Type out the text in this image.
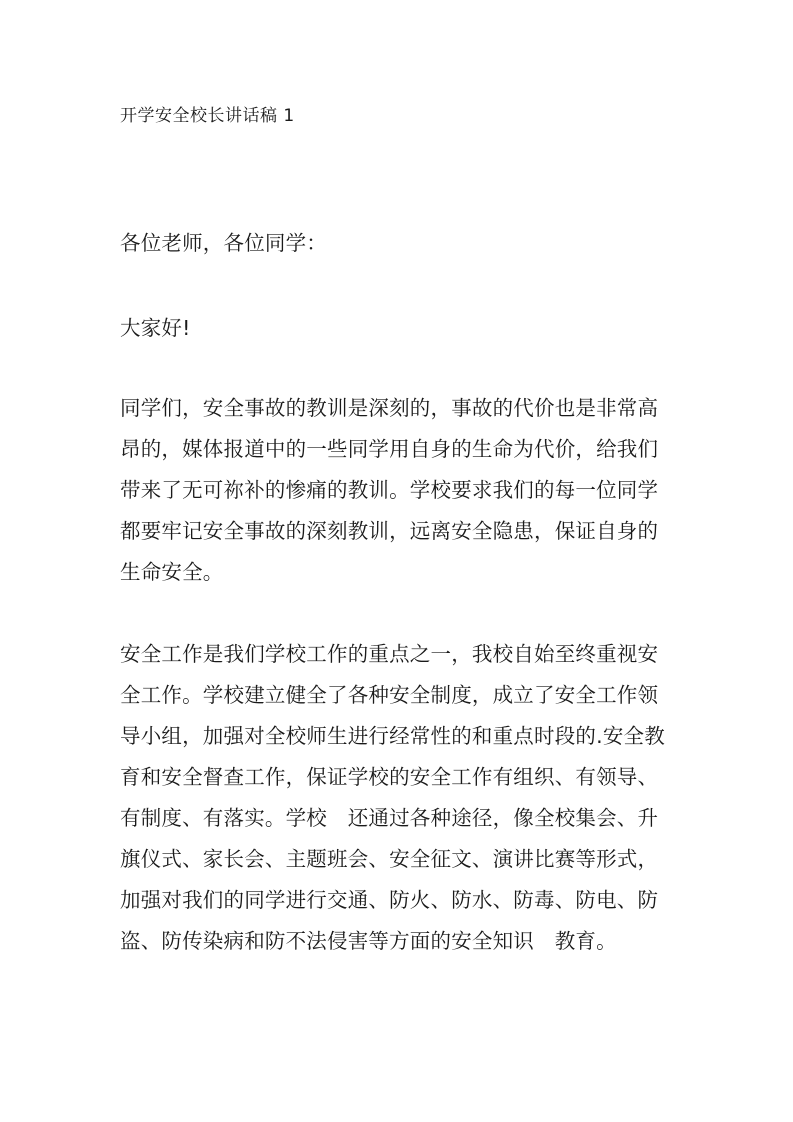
开学安全校长讲话稿 1
各位老师，各位同学：
大家好!
同学们，安全事故的教训是深刻的，事故的代价也是非常高
昂的，媒体报道中的一些同学用自身的生命为代价，给我们
带来了无可祢补的惨痛的教训。学校要求我们的每一位同学
都要牢记安全事故的深刻教训，远离安全隐患，保证自身的
生命安全。
安全工作是我们学校工作的重点之一，我校自始至终重视安
全工作。学校建立健全了各种安全制度，成立了安全工作领
导小组，加强对全校师生进行经常性的和重点时段的.安全教
育和安全督查工作，保证学校的安全工作有组织、有领导、
有制度、有落实。学校　还通过各种途径，像全校集会、升
旗仪式、家长会、主题班会、安全征文、演讲比赛等形式，
加强对我们的同学进行交通、防火、防水、防毒、防电、防
盗、防传染病和防不法侵害等方面的安全知识　教育。
